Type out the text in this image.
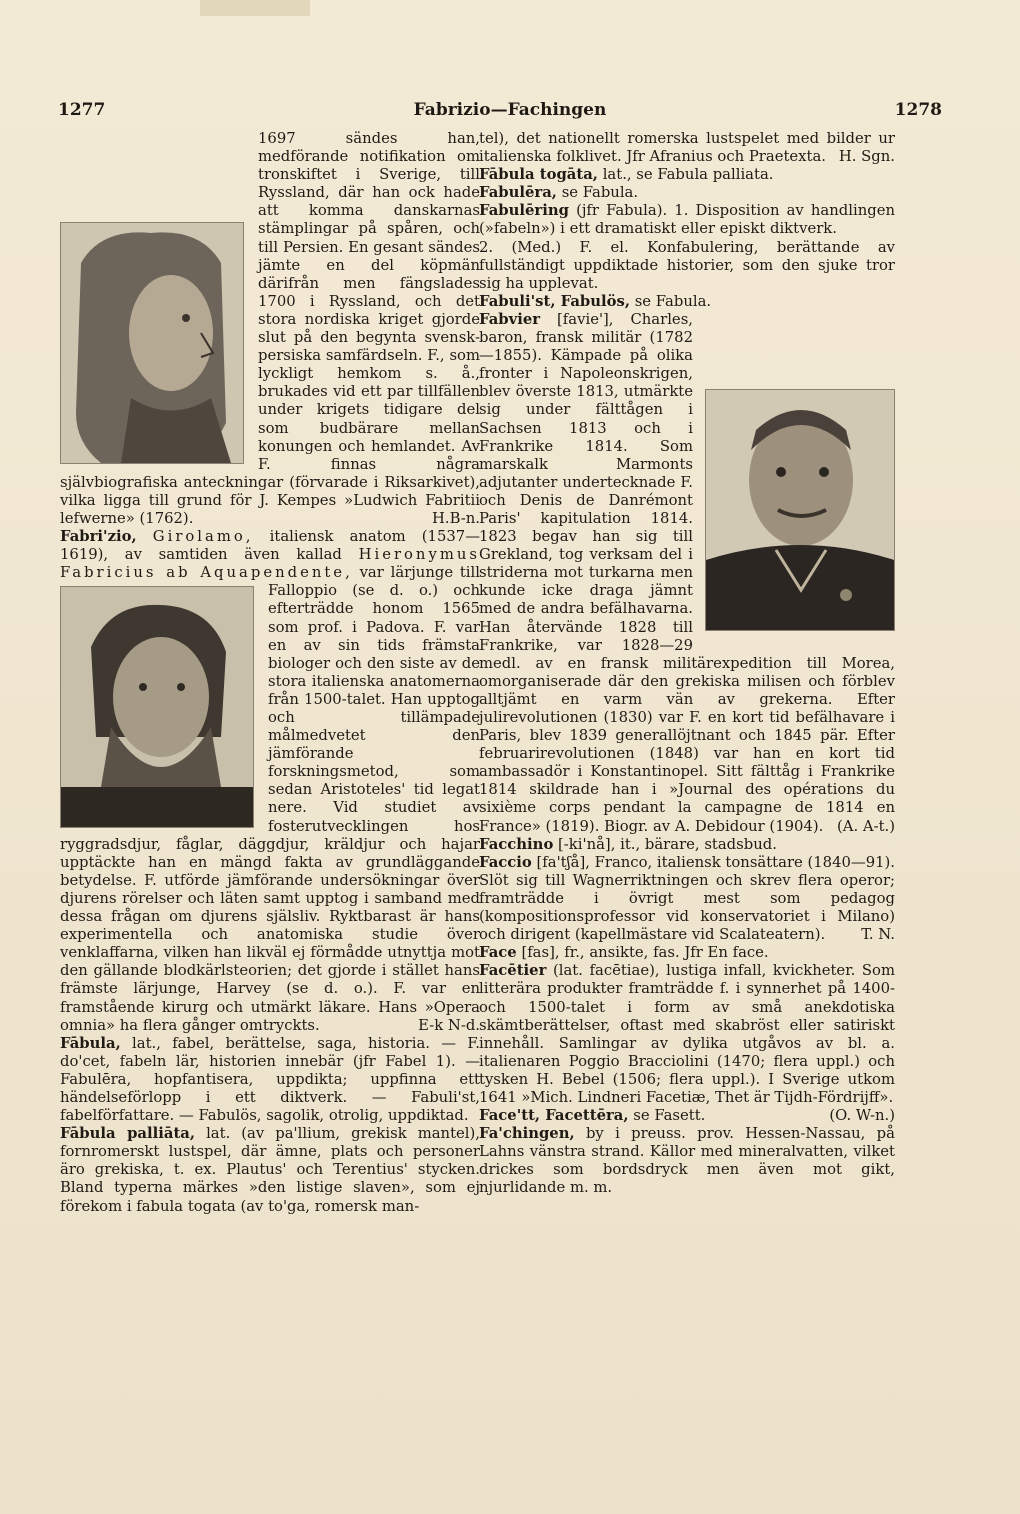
1277	Fabrizio—Fachingen	1278

1697 sändes han, medförande notifikation om tronskiftet i Sverige, till Ryssland, där han ock hade att komma danskarnas stämplingar på spåren, och till Persien. En gesant sändes jämte en del köpmän därifrån men fängslades 1700 i Ryssland, och det stora nordiska kriget gjorde slut på den begynta svensk-persiska samfärdseln. F., som lyckligt hemkom s. å., brukades vid ett par tillfällen under krigets tidigare del som budbärare mellan konungen och hemlandet. Av F. finnas några självbiografiska anteckningar (förvarade i Riksarkivet), vilka ligga till grund för J. Kempes »Ludwich Fabritii lefwerne» (1762).	H.B-n.

Fabri'zio, Girolamo, italiensk anatom (1537—1619), av samtiden även kallad Hieronymus Fabricius ab Aquapendente, var lärjunge till Falloppio (se d. o.) och efterträdde honom 1565 som prof. i Padova. F. var en av sin tids främsta biologer och den siste av de stora italienska anatomerna från 1500-talet. Han upptog och tillämpade målmedvetet den jämförande forskningsmetod, som sedan Aristoteles' tid legat nere. Vid studiet av fosterutvecklingen hos ryggradsdjur, fåglar, däggdjur, kräldjur och hajar upptäckte han en mängd fakta av grundläggande betydelse. F. utförde jämförande undersökningar över djurens rörelser och läten samt upptog i samband med dessa frågan om djurens själsliv. Ryktbarast är hans experimentella och anatomiska studie över venklaffarna, vilken han likväl ej förmådde utnyttja mot den gällande blodkärlsteorien; det gjorde i stället hans främste lärjunge, Harvey (se d. o.). F. var en framstående kirurg och utmärkt läkare. Hans »Opera omnia» ha flera gånger omtryckts.	E-k N-d.

Fābula, lat., fabel, berättelse, saga, historia. — F. do'cet, fabeln lär, historien innebär (jfr Fabel 1). — Fabulēra, hopfantisera, uppdikta; uppfinna ett händelseförlopp i ett diktverk. — Fabuli'st, fabelförfattare. — Fabulös, sagolik, otrolig, uppdiktad.

Fābula palliāta, lat. (av pa'llium, grekisk mantel), fornromerskt lustspel, där ämne, plats och personer äro grekiska, t. ex. Plautus' och Terentius' stycken. Bland typerna märkes »den listige slaven», som ej förekom i fabula togata (av to'ga, romersk man-

tel), det nationellt romerska lustspelet med bilder ur italienska folklivet. Jfr Afranius och Praetexta. H. Sgn.

Fābula togāta, lat., se Fabula palliata.

Fabulēra, se Fabula.

Fabulēring (jfr Fabula). 1. Disposition av handlingen (»fabeln») i ett dramatiskt eller episkt diktverk.

2. (Med.) F. el. Konfabulering, berättande av fullständigt uppdiktade historier, som den sjuke tror sig ha upplevat.

Fabuli'st, Fabulös, se Fabula.

Fabvier [favie'], Charles, baron, fransk militär (1782—1855). Kämpade på olika fronter i Napoleonskrigen, blev överste 1813, utmärkte sig under fälttågen i Sachsen 1813 och i Frankrike 1814. Som marskalk Marmonts adjutanter undertecknade F. och Denis de Danrémont Paris' kapitulation 1814. 1823 begav han sig till Grekland, tog verksam del i striderna mot turkarna men kunde icke draga jämnt med de andra befälhavarna. Han återvände 1828 till Frankrike, var 1828—29 medl. av en fransk militärexpedition till Morea, omorganiserade där den grekiska milisen och förblev alltjämt en varm vän av grekerna. Efter julirevolutionen (1830) var F. en kort tid befälhavare i Paris, blev 1839 generallöjtnant och 1845 pär. Efter februarirevolutionen (1848) var han en kort tid ambassadör i Konstantinopel. Sitt fälttåg i Frankrike 1814 skildrade han i »Journal des opérations du sixième corps pendant la campagne de 1814 en France» (1819). Biogr. av A. Debidour (1904). (A. A-t.)

Facchino [-ki'nå], it., bärare, stadsbud.

Faccio [fa'tʃå], Franco, italiensk tonsättare (1840—91). Slöt sig till Wagnerriktningen och skrev flera operor; framträdde i övrigt mest som pedagog (kompositionsprofessor vid konservatoriet i Milano) och dirigent (kapellmästare vid Scalateatern). T. N.

Face [fas], fr., ansikte, fas. Jfr En face.

Facētier (lat. facētiae), lustiga infall, kvickheter. Som litterära produkter framträdde f. i synnerhet på 1400- och 1500-talet i form av små anekdotiska skämtberättelser, oftast med skabröst eller satiriskt innehåll. Samlingar av dylika utgåvos av bl. a. italienaren Poggio Bracciolini (1470; flera uppl.) och tysken H. Bebel (1506; flera uppl.). I Sverige utkom 1641 »Mich. Lindneri Facetiæ, Thet är Tijdh-Fördrijff».
(O. W-n.)

Face'tt, Facettēra, se Fasett.

Fa'chingen, by i preuss. prov. Hessen-Nassau, på Lahns vänstra strand. Källor med mineralvatten, vilket drickes som bordsdryck men även mot gikt, njurlidande m. m.
